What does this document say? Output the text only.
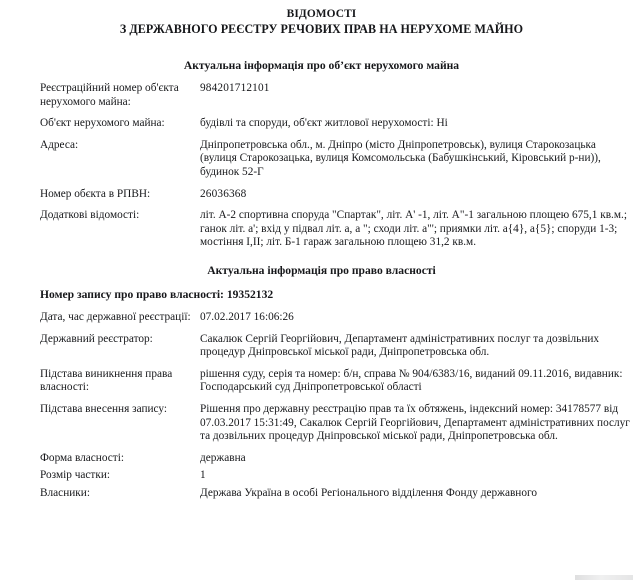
ВІДОМОСТІ
З ДЕРЖАВНОГО РЕЄСТРУ РЕЧОВИХ ПРАВ НА НЕРУХОМЕ МАЙНО
Актуальна інформація про об’єкт нерухомого майна
Реєстраційний номер об'єкта нерухомого майна:
984201712101
Об'єкт нерухомого майна:	будівлі та споруди, об'єкт житлової нерухомості: Ні
Адреса:	Дніпропетровська обл., м. Дніпро (місто Дніпропетровськ), вулиця Старокозацька (вулиця Старокозацька, вулиця Комсомольська (Бабушкінський, Кіровський р-ни)), будинок 52-Г
Номер обєкта в РПВН:	26036368
Додаткові відомості:	літ. А-2 спортивна споруда "Спартак", літ. А' -1, літ. А"-1 загальною площею 675,1 кв.м.; ганок літ. а'; вхід у підвал літ. а, а "; сходи літ. а"'; приямки літ. а{4}, а{5}; споруди 1-3; мостіння І,ІІ; літ. Б-1 гараж загальною площею 31,2 кв.м.
Актуальна інформація про право власності
Номер запису про право власності: 19352132
Дата, час державної реєстрації: 07.02.2017 16:06:26
Державний реєстратор:	Сакалюк Сергій Георгійович, Департамент адміністративних послуг та дозвільних процедур Дніпровської міської ради, Дніпропетровська обл.
Підстава виникнення права власності:
рішення суду, серія та номер: б/н, справа № 904/6383/16, виданий 09.11.2016, видавник: Господарський суд Дніпропетровської області
Підстава внесення запису:	Рішення про державну реєстрацію прав та їх обтяжень, індексний номер: 34178577 від 07.03.2017 15:31:49, Сакалюк Сергій Георгійович, Департамент адміністративних послуг та дозвільних процедур Дніпровської міської ради, Дніпропетровська обл.
Форма власності:	державна
Розмір частки:	1
Власники:	Держава Україна в особі Регіонального відділення Фонду державного
